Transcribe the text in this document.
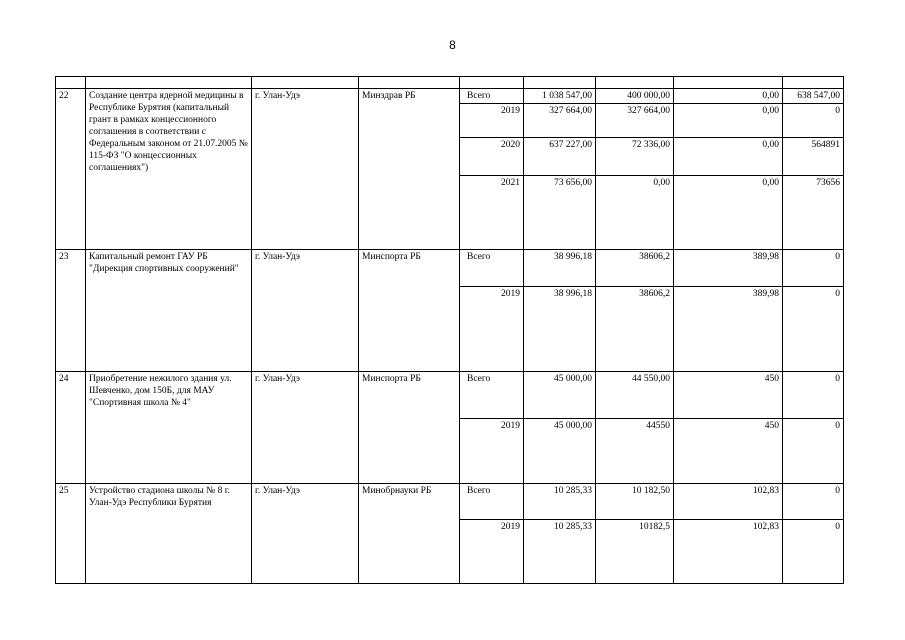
8

22	Создание центра ядерной медицины в Республике Бурятия (капитальный грант в рамках концессионного соглашения в соответствии с Федеральным законом от 21.07.2005 № 115-ФЗ "О концессионных соглашениях")	г. Улан-Удэ	Минздрав РБ	Всего	1 038 547,00	400 000,00	0,00	638 547,00
				2019	327 664,00	327 664,00	0,00	0
				2020	637 227,00	72 336,00	0,00	564891
				2021	73 656,00	0,00	0,00	73656
23	Капитальный ремонт ГАУ РБ "Дирекция спортивных сооружений"	г. Улан-Удэ	Минспорта РБ	Всего	38 996,18	38606,2	389,98	0
				2019	38 996,18	38606,2	389,98	0
24	Приобретение нежилого здания ул. Шевченко, дом 150Б, для МАУ "Спортивная школа № 4"	г. Улан-Удэ	Минспорта РБ	Всего	45 000,00	44 550,00	450	0
				2019	45 000,00	44550	450	0
25	Устройство стадиона школы № 8 г. Улан-Удэ Республики Бурятия	г. Улан-Удэ	Минобрнауки РБ	Всего	10 285,33	10 182,50	102,83	0
				2019	10 285,33	10182,5	102,83	0
